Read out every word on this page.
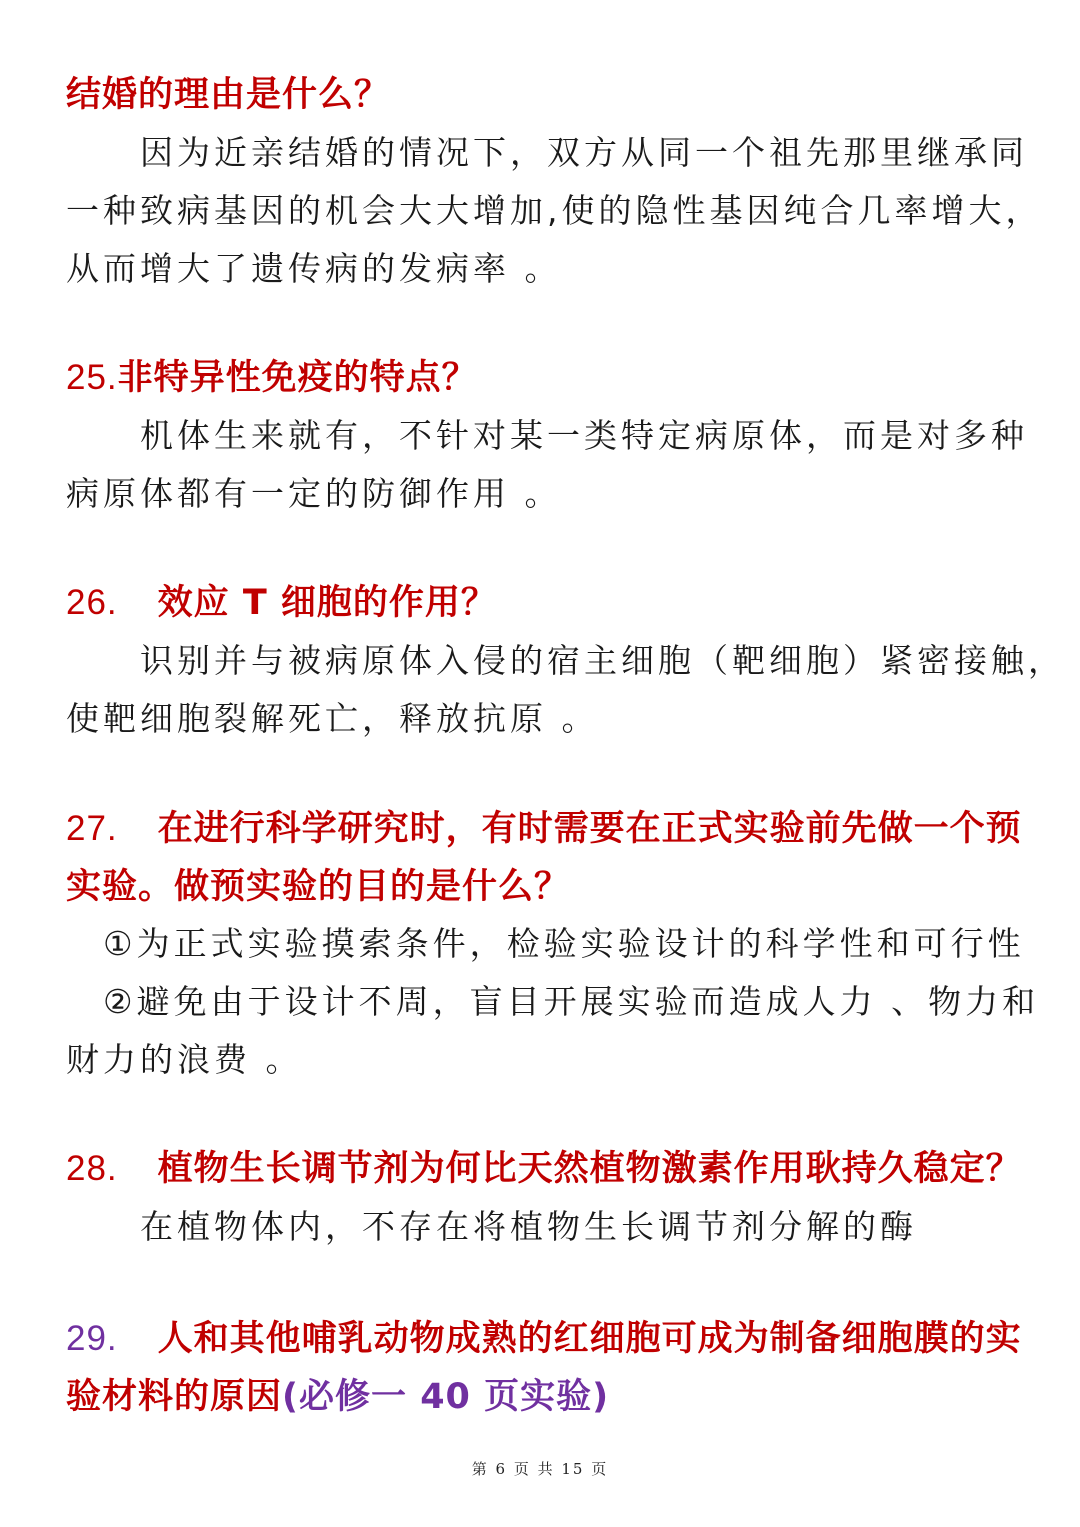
结婚的理由是什么？
因为近亲结婚的情况下，双方从同一个祖先那里继承同
一种致病基因的机会大大增加,使的隐性基因纯合几率增大，
从而增大了遗传病的发病率 。
25.非特异性免疫的特点？
机体生来就有，不针对某一类特定病原体，而是对多种
病原体都有一定的防御作用 。
26. 效应 T 细胞的作用？
识别并与被病原体入侵的宿主细胞（靶细胞）紧密接触，
使靶细胞裂解死亡，释放抗原 。
27. 在进行科学研究时，有时需要在正式实验前先做一个预
实验。做预实验的目的是什么？
①为正式实验摸索条件，检验实验设计的科学性和可行性
②避免由于设计不周，盲目开展实验而造成人力 、物力和
财力的浪费 。
28. 植物生长调节剂为何比天然植物激素作用耿持久稳定？
在植物体内，不存在将植物生长调节剂分解的酶
29. 人和其他哺乳动物成熟的红细胞可成为制备细胞膜的实
验材料的原因(必修一 40 页实验)
第 6 页 共 15 页
